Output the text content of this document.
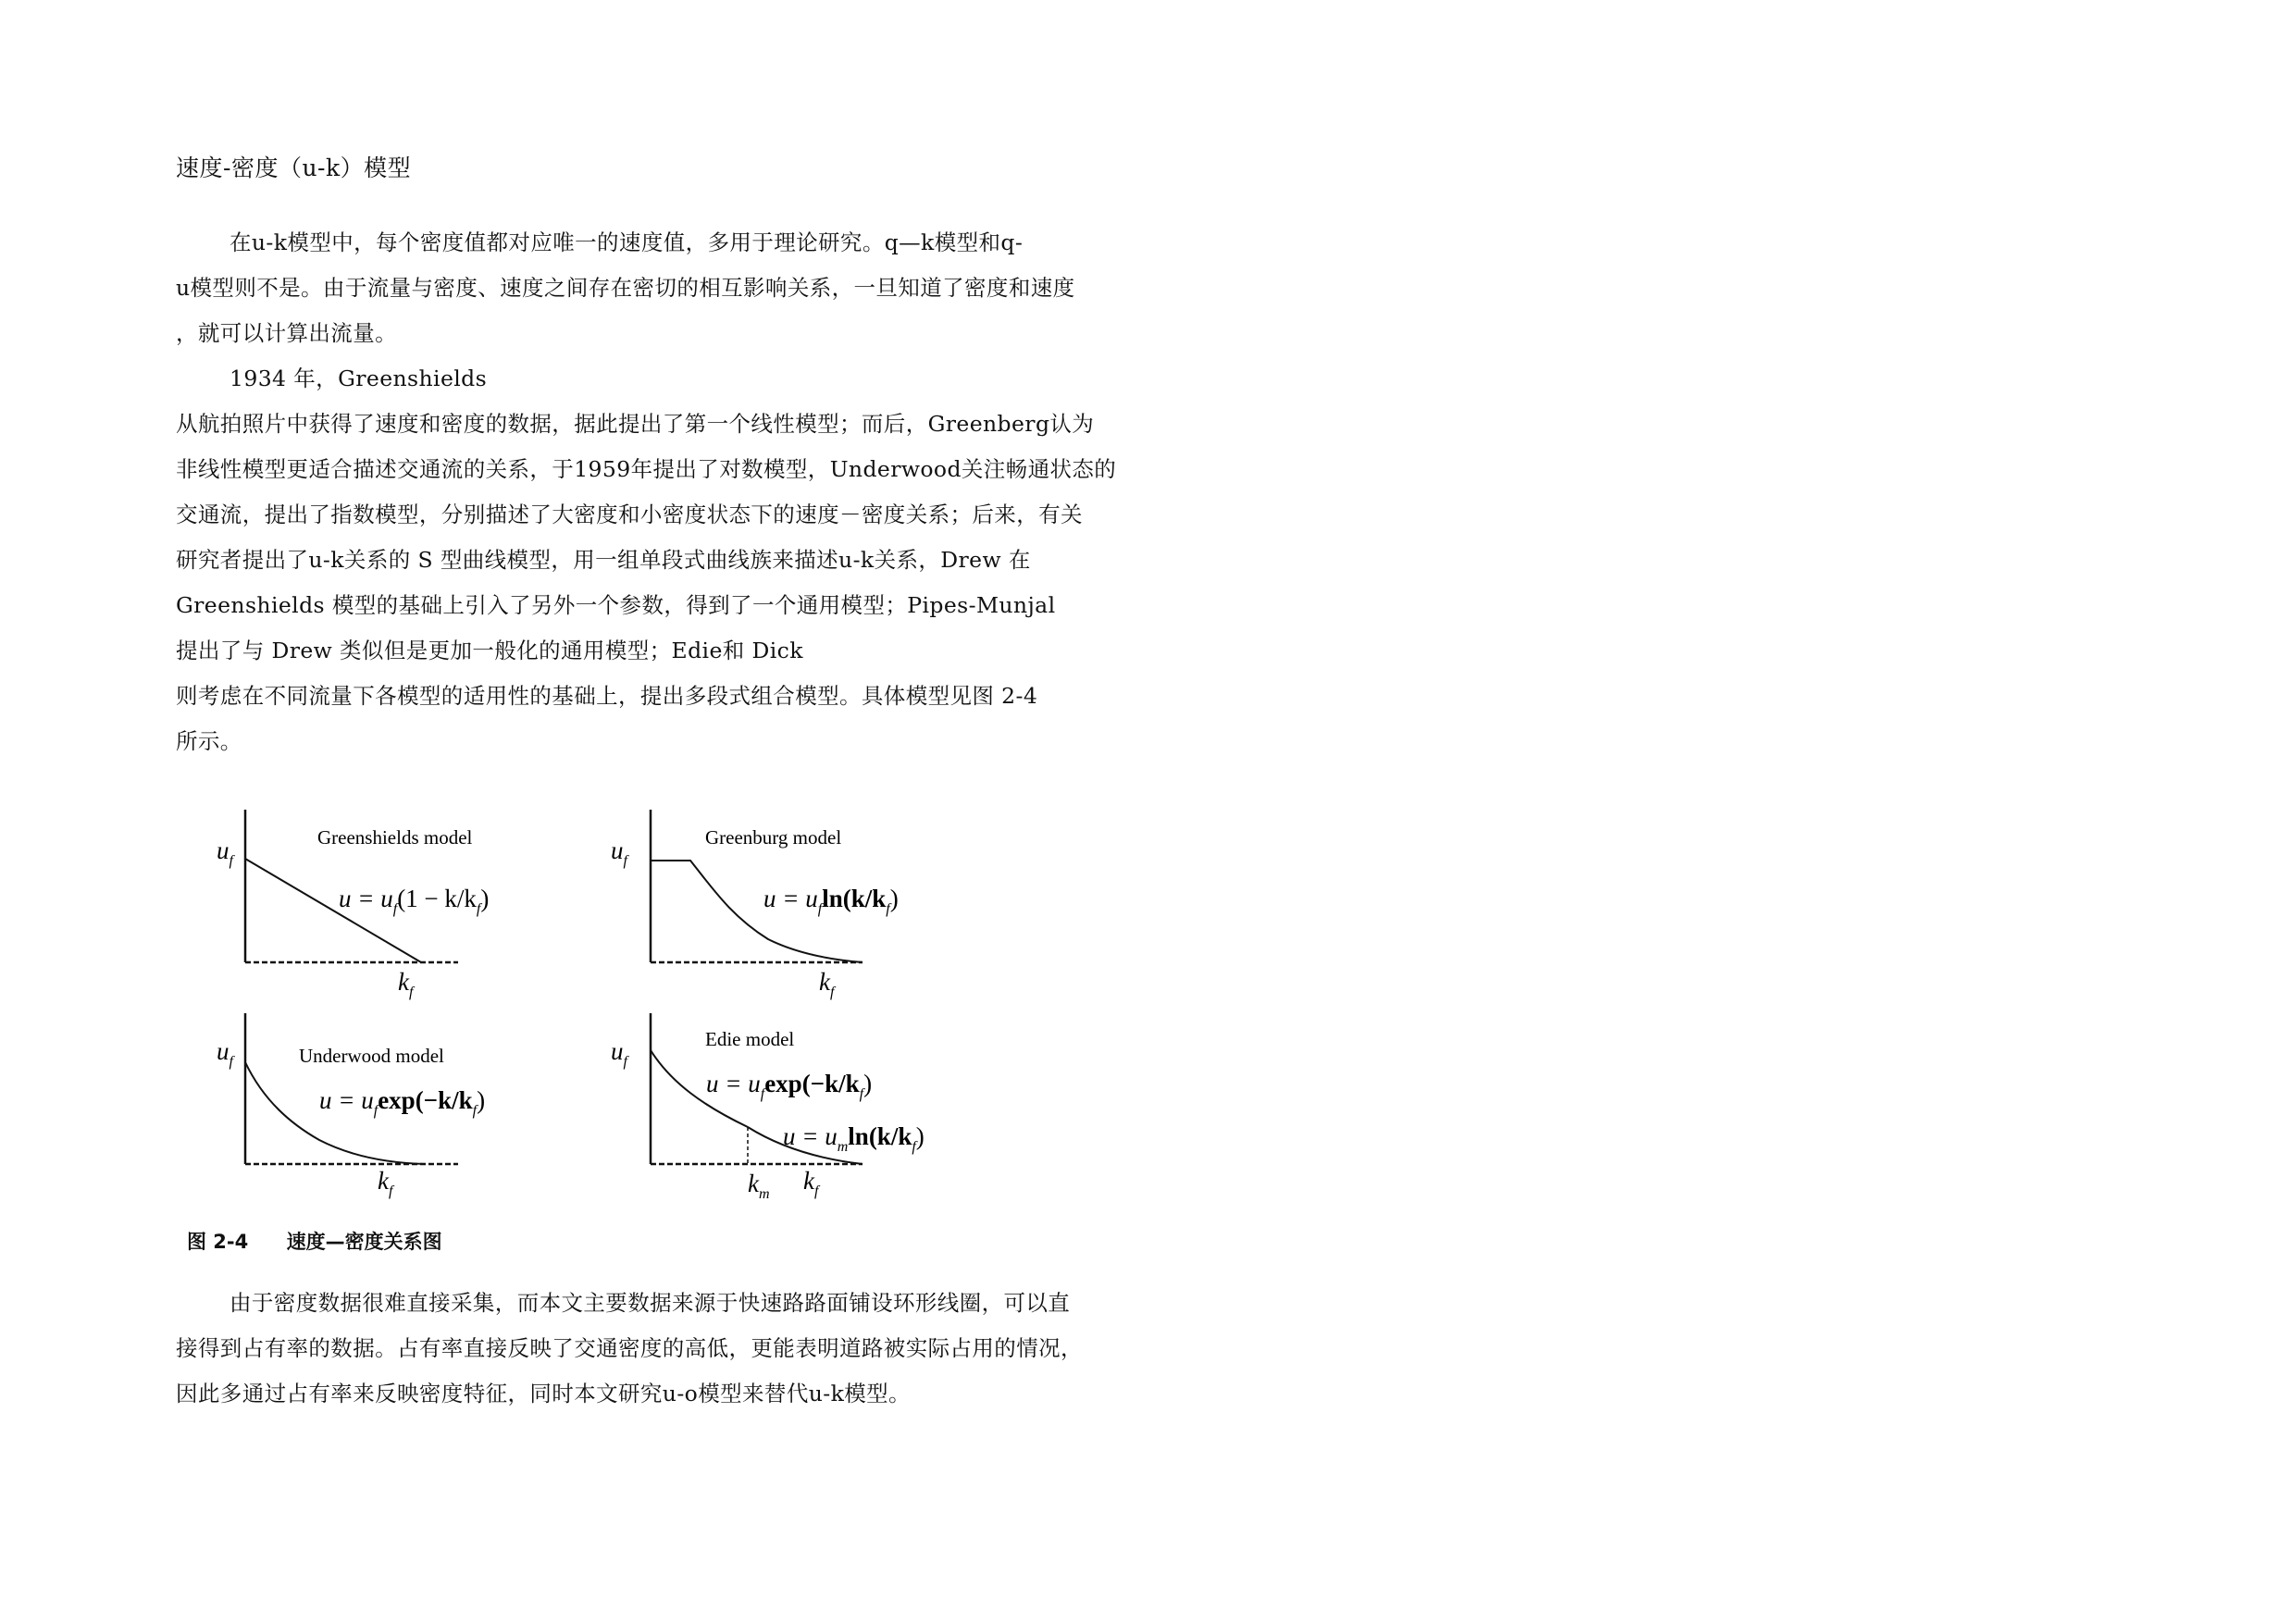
速度-密度（u-k）模型

在u-k模型中，每个密度值都对应唯一的速度值，多用于理论研究。q—k模型和q-

u模型则不是。由于流量与密度、速度之间存在密切的相互影响关系，一旦知道了密度和速度

，就可以计算出流量。

1934 年，Greenshields

从航拍照片中获得了速度和密度的数据，据此提出了第一个线性模型；而后，Greenberg认为

非线性模型更适合描述交通流的关系，于1959年提出了对数模型，Underwood关注畅通状态的

交通流，提出了指数模型，分别描述了大密度和小密度状态下的速度－密度关系；后来，有关

研究者提出了u-k关系的 S 型曲线模型，用一组单段式曲线族来描述u-k关系，Drew 在

Greenshields 模型的基础上引入了另外一个参数，得到了一个通用模型；Pipes-Munjal

提出了与 Drew 类似但是更加一般化的通用模型；Edie和 Dick

则考虑在不同流量下各模型的适用性的基础上，提出多段式组合模型。具体模型见图 2-4

所示。

Greenshields model
$u_f$
$k_f$
$u = u_f(1 - k/k_f)$
Greenburg model
$u_f$
$k_f$
$u = u_f\ln(k/k_f)$
Underwood model
$u_f$
$k_f$
$u = u_f\exp(-k/k_f)$
Edie model
$u_f$
$k_m$ $k_f$
$u = u_f\exp(-k/k_f)$
$u = u_m\ln(k/k_f)$

图 2-4 速度—密度关系图

由于密度数据很难直接采集，而本文主要数据来源于快速路路面铺设环形线圈，可以直

接得到占有率的数据。占有率直接反映了交通密度的高低，更能表明道路被实际占用的情况，

因此多通过占有率来反映密度特征，同时本文研究u-o模型来替代u-k模型。
